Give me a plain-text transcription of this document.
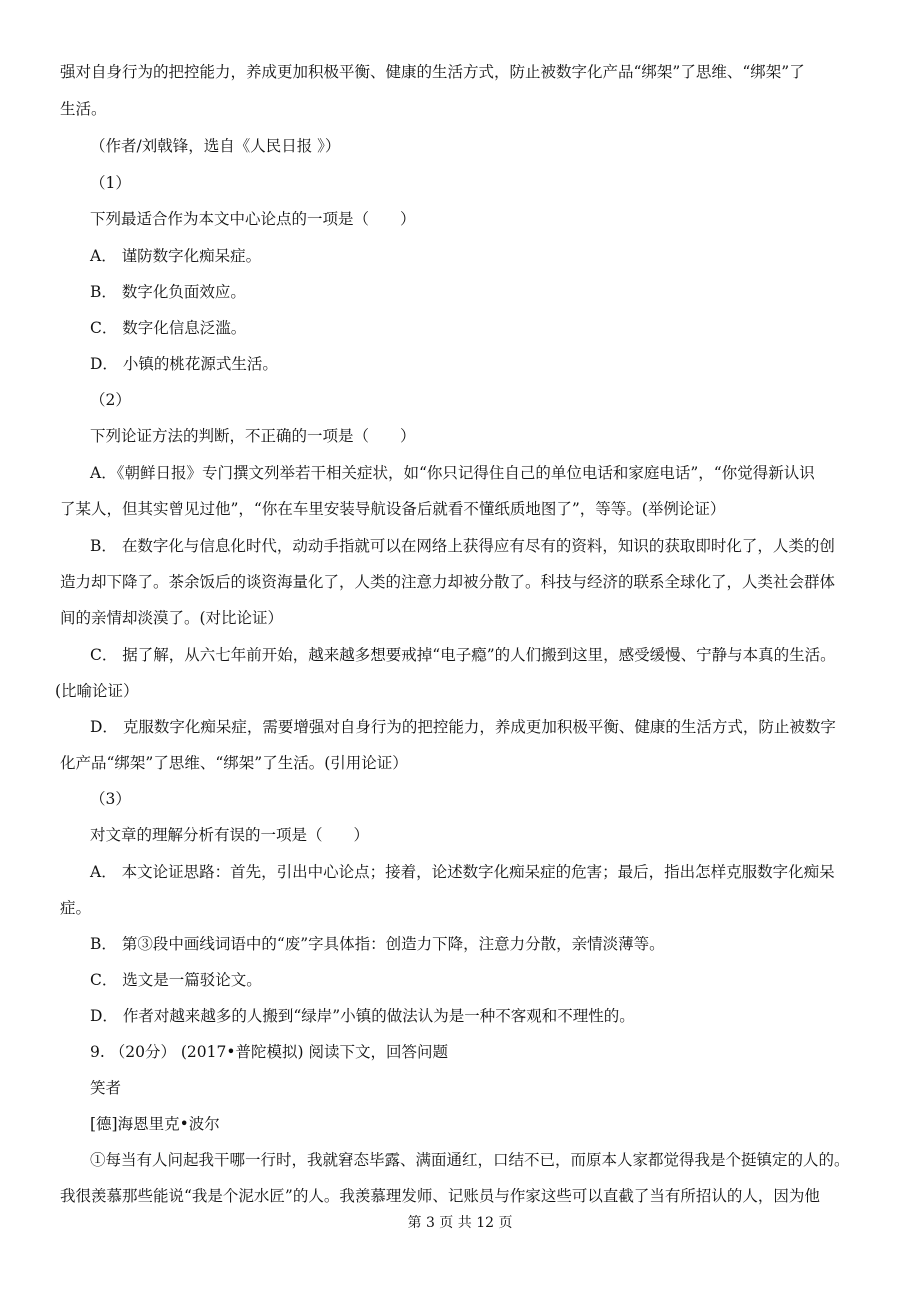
强对自身行为的把控能力，养成更加积极平衡、健康的生活方式，防止被数字化产品“绑架”了思维、“绑架”了
生活。
（作者/刘戟锋，选自《人民日报 》）
（1）
下列最适合作为本文中心论点的一项是（　　）
A． 谨防数字化痴呆症。
B． 数字化负面效应。
C． 数字化信息泛滥。
D． 小镇的桃花源式生活。
（2）
下列论证方法的判断，不正确的一项是（　　）
A．《朝鲜日报》专门撰文列举若干相关症状，如“你只记得住自己的单位电话和家庭电话”，“你觉得新认识
了某人，但其实曾见过他”，“你在车里安装导航设备后就看不懂纸质地图了”，等等。(举例论证）
B． 在数字化与信息化时代，动动手指就可以在网络上获得应有尽有的资料，知识的获取即时化了，人类的创
造力却下降了。茶余饭后的谈资海量化了，人类的注意力却被分散了。科技与经济的联系全球化了，人类社会群体
间的亲情却淡漠了。(对比论证）
C． 据了解，从六七年前开始，越来越多想要戒掉“电子瘾”的人们搬到这里，感受缓慢、宁静与本真的生活。
(比喻论证）
D． 克服数字化痴呆症，需要增强对自身行为的把控能力，养成更加积极平衡、健康的生活方式，防止被数字
化产品“绑架”了思维、“绑架”了生活。(引用论证）
（3）
对文章的理解分析有误的一项是（　　）
A． 本文论证思路：首先，引出中心论点；接着，论述数字化痴呆症的危害；最后，指出怎样克服数字化痴呆
症。
B． 第③段中画线词语中的“废”字具体指：创造力下降，注意力分散，亲情淡薄等。
C． 选文是一篇驳论文。
D． 作者对越来越多的人搬到“绿岸”小镇的做法认为是一种不客观和不理性的。
9. （20分） (2017•普陀模拟) 阅读下文，回答问题
笑者
[德]海恩里克•波尔
①每当有人问起我干哪一行时，我就窘态毕露、满面通红，口结不已，而原本人家都觉得我是个挺镇定的人的。
我很羡慕那些能说“我是个泥水匠”的人。我羡慕理发师、记账员与作家这些可以直截了当有所招认的人，因为他
第 3 页 共 12 页
